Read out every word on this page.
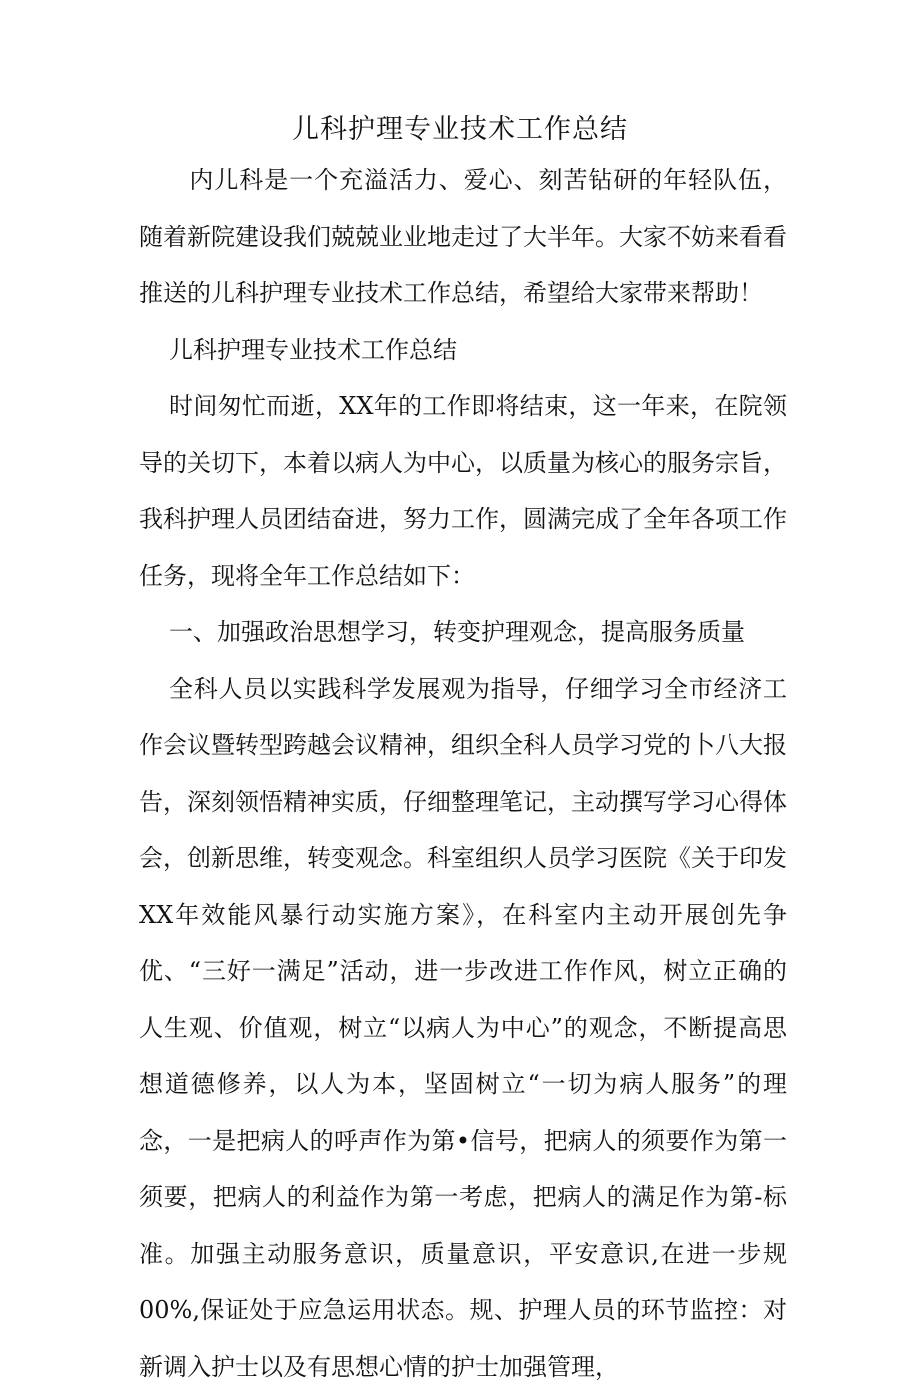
儿科护理专业技术工作总结

内儿科是一个充溢活力、爱心、刻苦钻研的年轻队伍，随着新院建设我们兢兢业业地走过了大半年。大家不妨来看看推送的儿科护理专业技术工作总结，希望给大家带来帮助！

儿科护理专业技术工作总结

时间匆忙而逝，XX年的工作即将结束，这一年来，在院领导的关切下，本着以病人为中心，以质量为核心的服务宗旨，我科护理人员团结奋进，努力工作，圆满完成了全年各项工作任务，现将全年工作总结如下：

一、加强政治思想学习，转变护理观念，提高服务质量

全科人员以实践科学发展观为指导，仔细学习全市经济工作会议暨转型跨越会议精神，组织全科人员学习党的卜八大报告，深刻领悟精神实质，仔细整理笔记，主动撰写学习心得体会，创新思维，转变观念。科室组织人员学习医院《关于印发XX年效能风暴行动实施方案》，在科室内主动开展创先争优、“三好一满足”活动，进一步改进工作作风，树立正确的人生观、价值观，树立“以病人为中心”的观念，不断提高思想道德修养，以人为本，坚固树立“一切为病人服务”的理念，一是把病人的呼声作为第•信号，把病人的须要作为第一须要，把病人的利益作为第一考虑，把病人的满足作为第-标准。加强主动服务意识，质量意识，平安意识,在进一步规00%,保证处于应急运用状态。规、护理人员的环节监控：对新调入护士以及有思想心情的护士加强管理，
